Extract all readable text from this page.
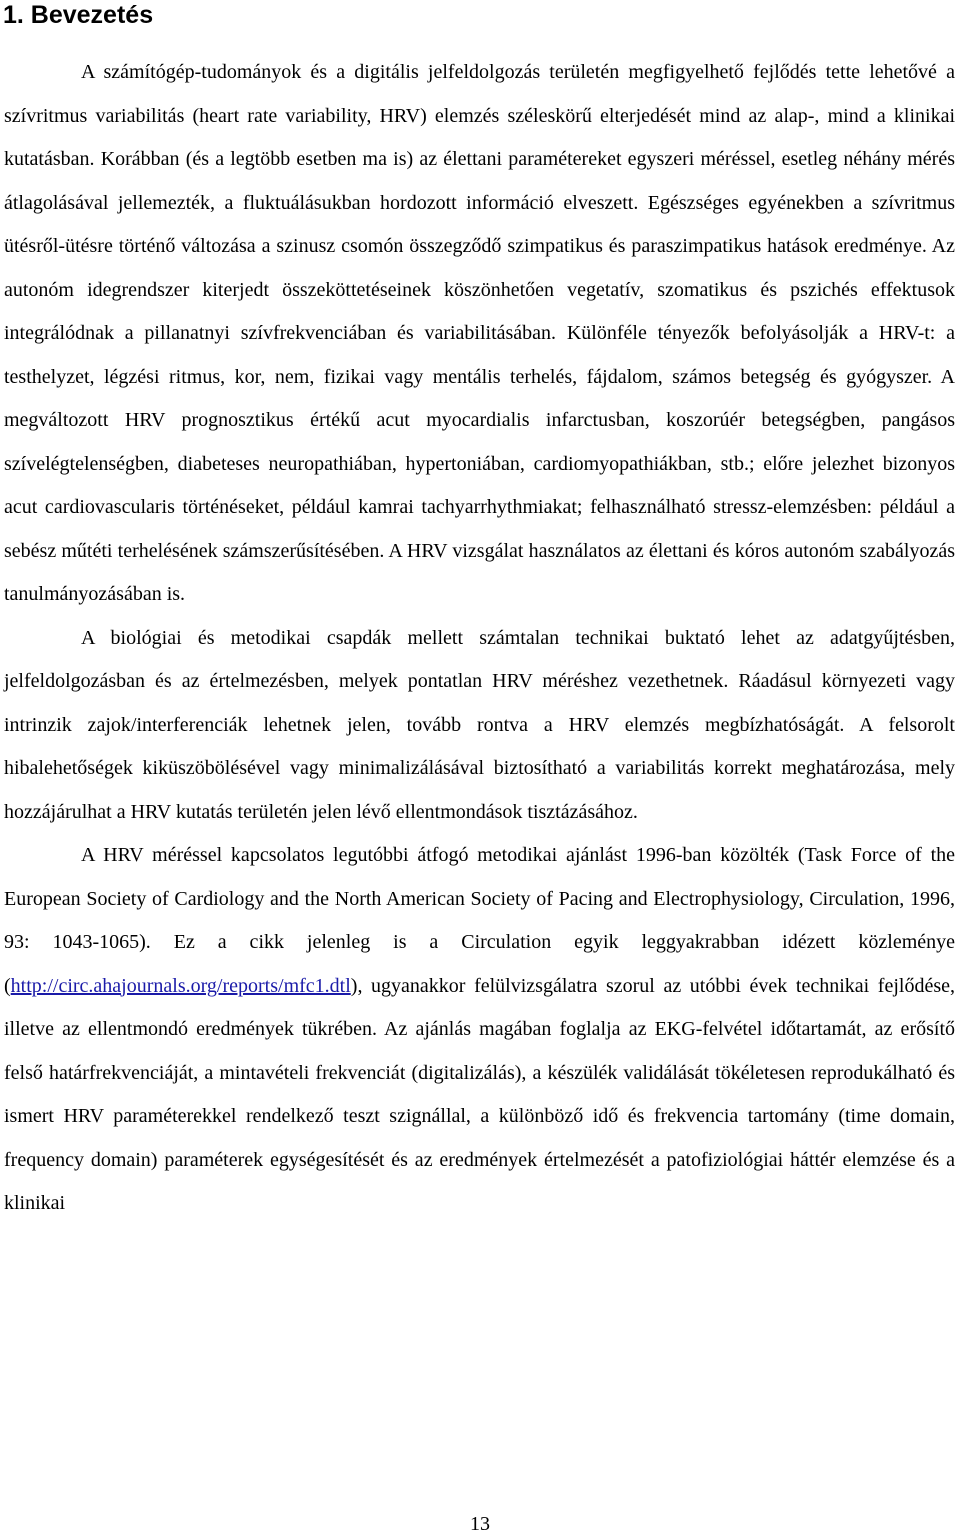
1. Bevezetés

A számítógép-tudományok és a digitális jelfeldolgozás területén megfigyelhető fejlődés tette lehetővé a szívritmus variabilitás (heart rate variability, HRV) elemzés széleskörű elterjedését mind az alap-, mind a klinikai kutatásban. Korábban (és a legtöbb esetben ma is) az élettani paramétereket egyszeri méréssel, esetleg néhány mérés átlagolásával jellemezték, a fluktuálásukban hordozott információ elveszett. Egészséges egyénekben a szívritmus ütésről-ütésre történő változása a szinusz csomón összegződő szimpatikus és paraszimpatikus hatások eredménye. Az autonóm idegrendszer kiterjedt összeköttetéseinek köszönhetően vegetatív, szomatikus és pszichés effektusok integrálódnak a pillanatnyi szívfrekvenciában és variabilitásában. Különféle tényezők befolyásolják a HRV-t: a testhelyzet, légzési ritmus, kor, nem, fizikai vagy mentális terhelés, fájdalom, számos betegség és gyógyszer. A megváltozott HRV prognosztikus értékű acut myocardialis infarctusban, koszorúér betegségben, pangásos szívelégtelenségben, diabeteses neuropathiában, hypertoniában, cardiomyopathiákban, stb.; előre jelezhet bizonyos acut cardiovascularis történéseket, például kamrai tachyarrhythmiakat; felhasználható stressz-elemzésben: például a sebész műtéti terhelésének számszerűsítésében. A HRV vizsgálat használatos az élettani és kóros autonóm szabályozás tanulmányozásában is.

A biológiai és metodikai csapdák mellett számtalan technikai buktató lehet az adatgyűjtésben, jelfeldolgozásban és az értelmezésben, melyek pontatlan HRV méréshez vezethetnek. Ráadásul környezeti vagy intrinzik zajok/interferenciák lehetnek jelen, tovább rontva a HRV elemzés megbízhatóságát. A felsorolt hibalehetőségek kiküszöbölésével vagy minimalizálásával biztosítható a variabilitás korrekt meghatározása, mely hozzájárulhat a HRV kutatás területén jelen lévő ellentmondások tisztázásához.

A HRV méréssel kapcsolatos legutóbbi átfogó metodikai ajánlást 1996-ban közölték (Task Force of the European Society of Cardiology and the North American Society of Pacing and Electrophysiology, Circulation, 1996, 93: 1043-1065). Ez a cikk jelenleg is a Circulation egyik leggyakrabban idézett közleménye (http://circ.ahajournals.org/reports/mfc1.dtl), ugyanakkor felülvizsgálatra szorul az utóbbi évek technikai fejlődése, illetve az ellentmondó eredmények tükrében. Az ajánlás magában foglalja az EKG-felvétel időtartamát, az erősítő felső határfrekvenciáját, a mintavételi frekvenciát (digitalizálás), a készülék validálását tökéletesen reprodukálható és ismert HRV paraméterekkel rendelkező teszt szignállal, a különböző idő és frekvencia tartomány (time domain, frequency domain) paraméterek egységesítését és az eredmények értelmezését a patofiziológiai háttér elemzése és a klinikai

13
